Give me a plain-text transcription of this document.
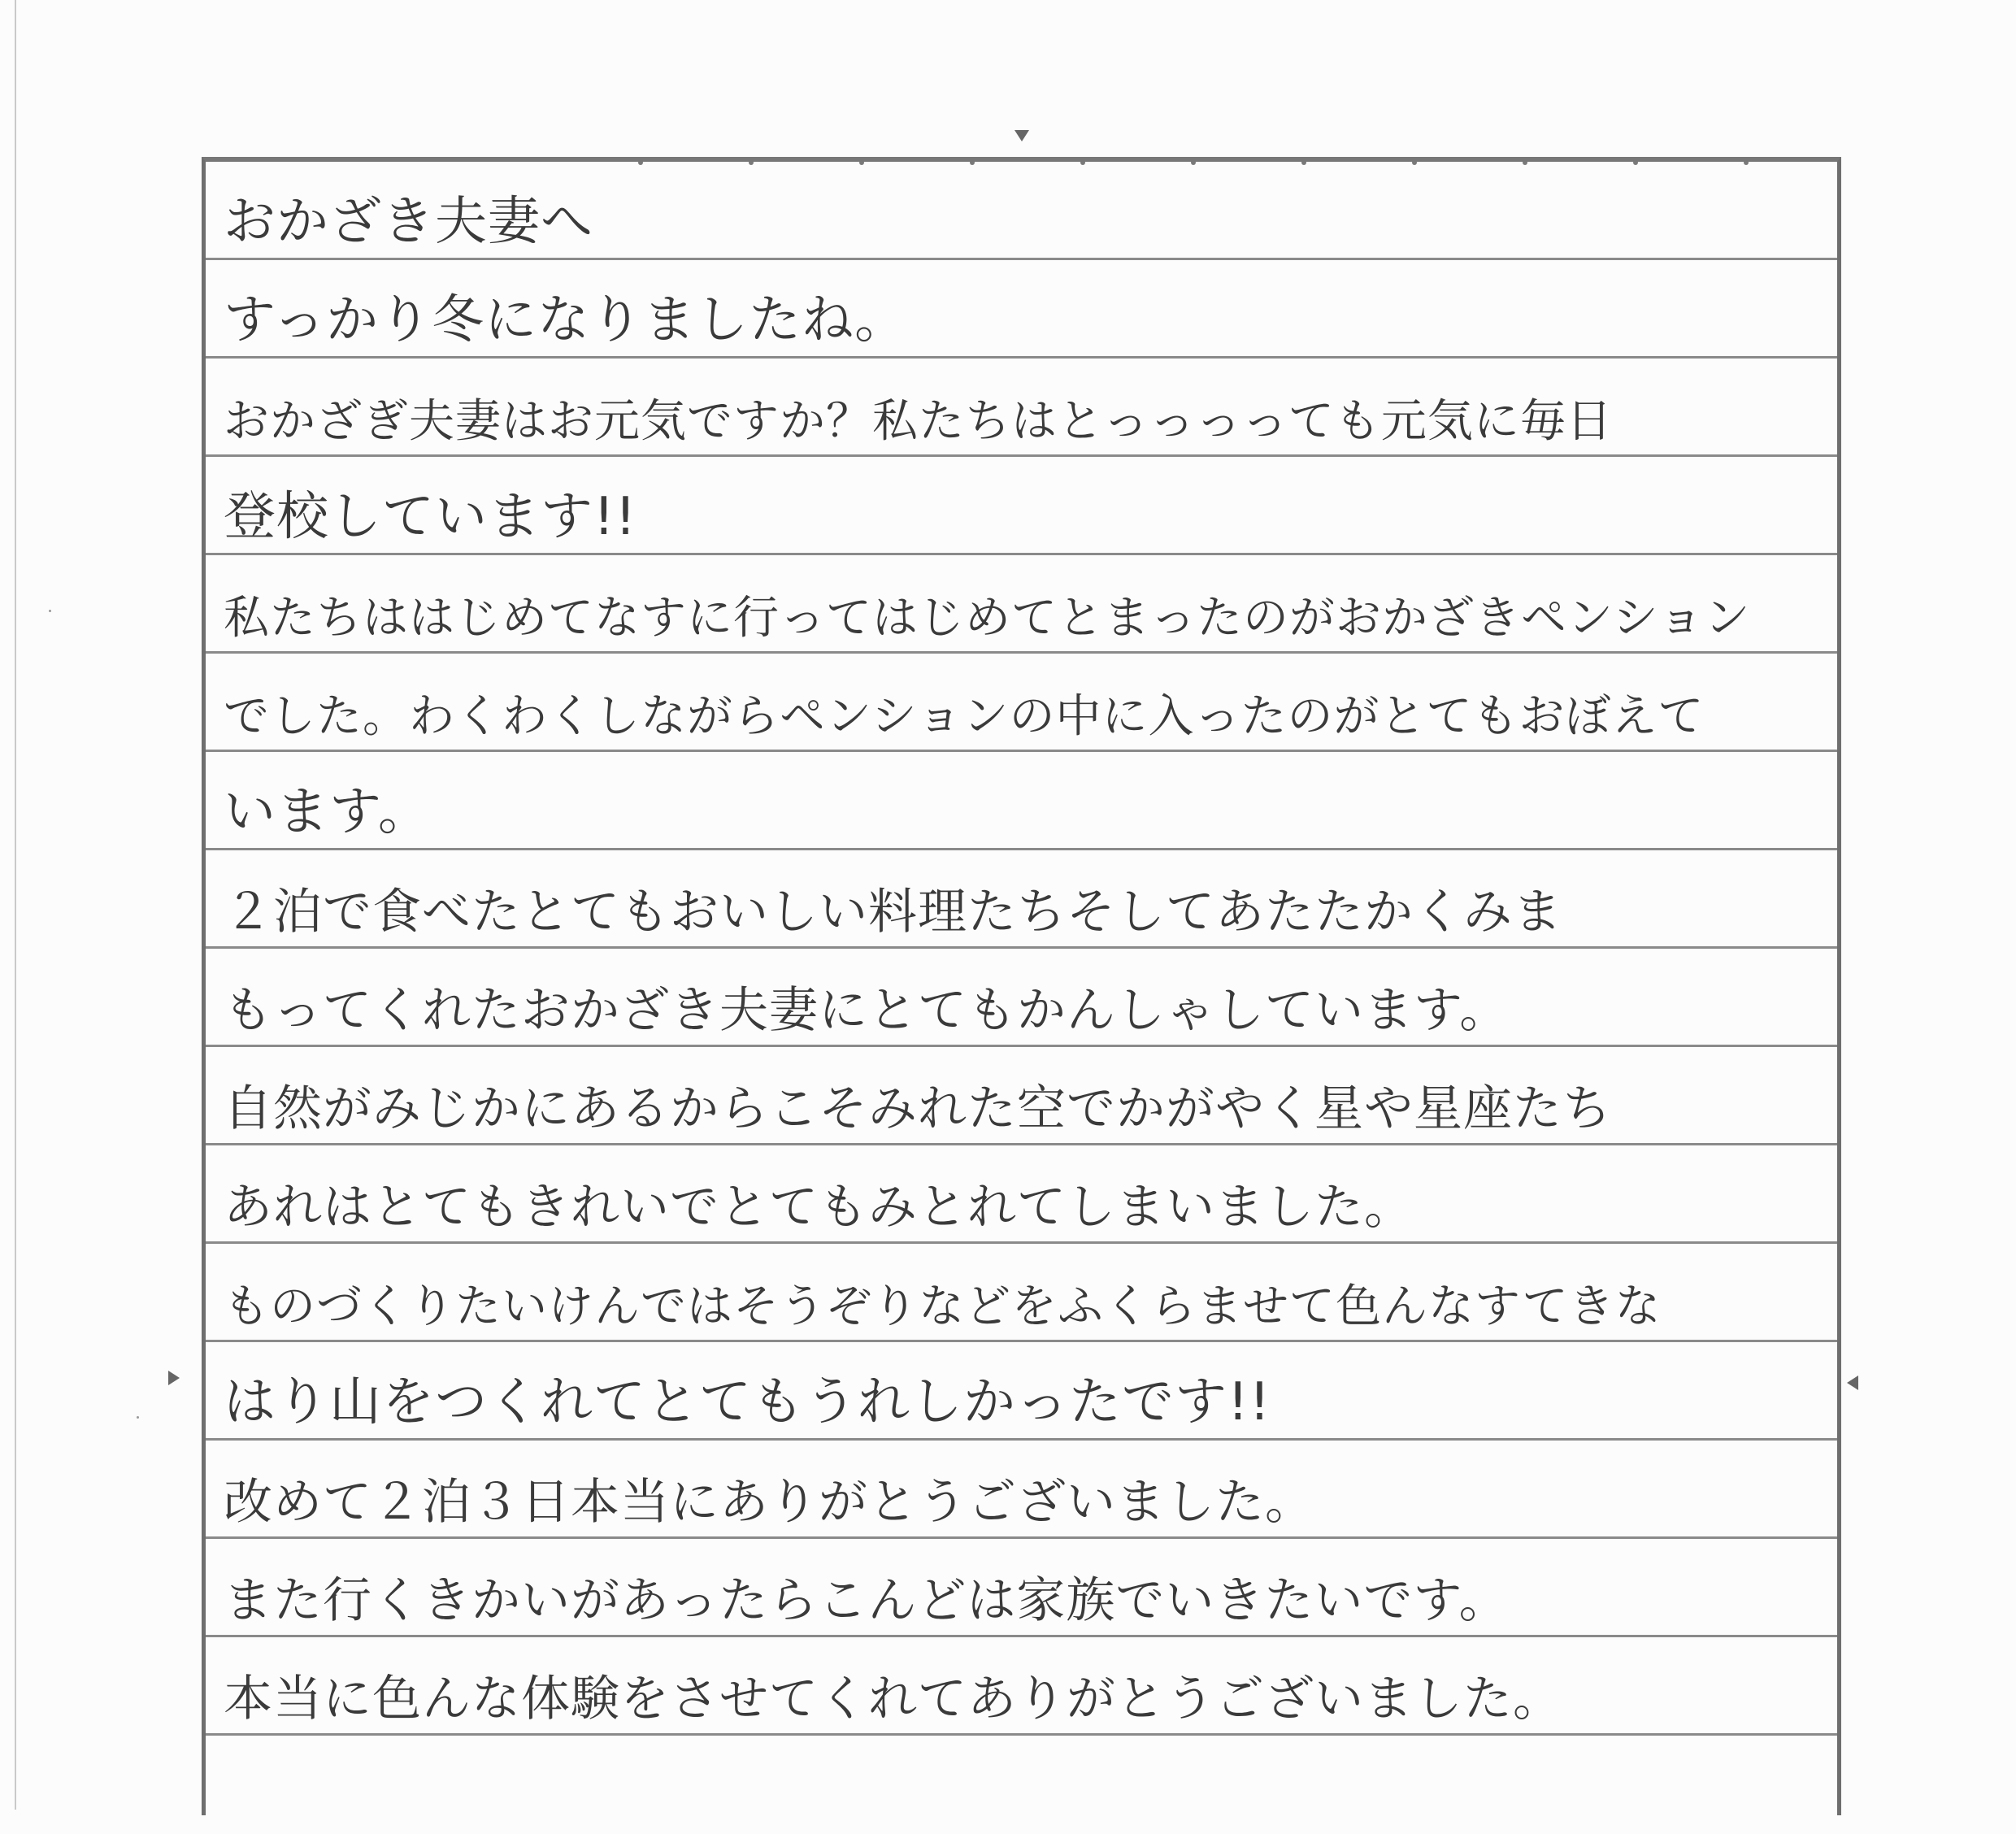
おかざき夫妻へ
すっかり冬になりましたね。
おかざぎ夫妻はお元気ですか？私たちはとっっっっても元気に毎日
登校しています!!
私たちははじめてなすに行ってはじめてとまったのがおかざきペンション
でした。わくわくしながらペンションの中に入ったのがとてもおぼえて
います。
２泊で食べたとてもおいしい料理たちそしてあたたかくみま
もってくれたおかざき夫妻にとてもかんしゃしています。
自然がみじかにあるからこそみれた空でかがやく星や星座たち
あれはとてもきれいでとてもみとれてしまいました。
ものづくりたいけんではそうぞりなどをふくらませて色んなすてきな
はり山をつくれてとてもうれしかったです!!
改めて２泊３日本当にありがとうございました。
また行くきかいがあったらこんどは家族でいきたいです。
本当に色んな体験をさせてくれてありがとうございました。
